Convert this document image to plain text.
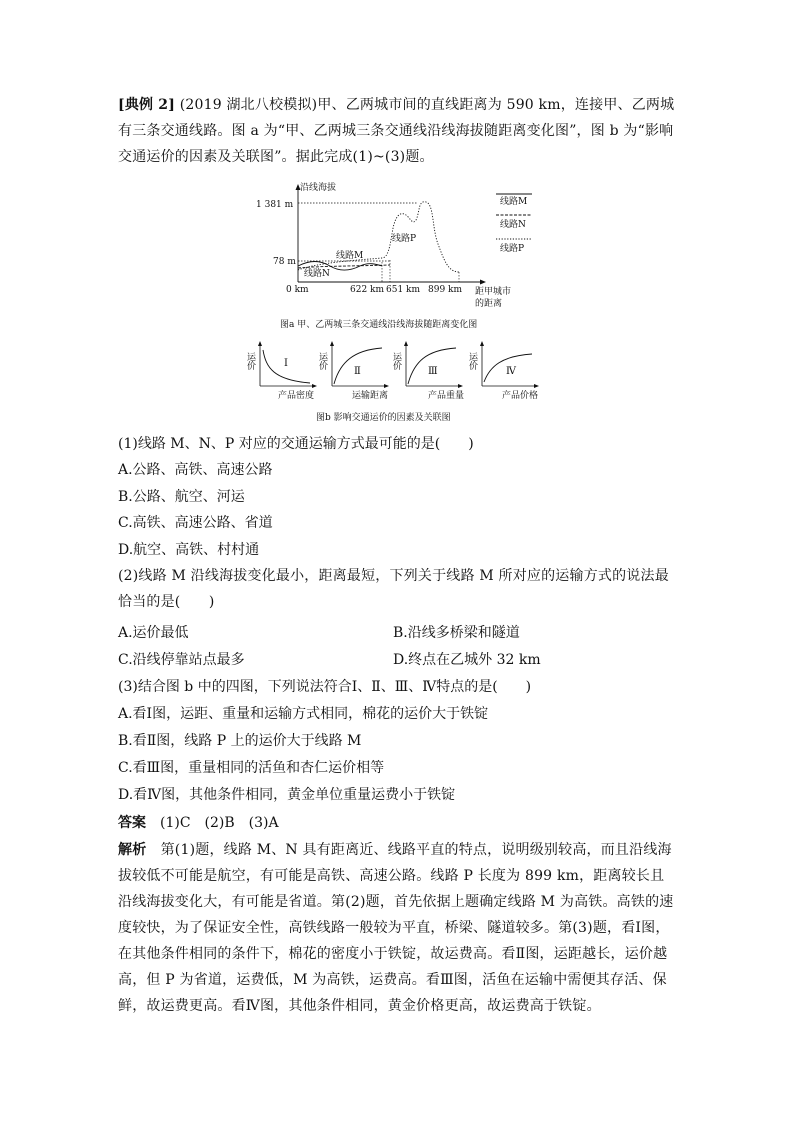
[典例 2] (2019 湖北八校模拟)甲、乙两城市间的直线距离为 590 km，连接甲、乙两城有三条交通线路。图 a 为“甲、乙两城三条交通线沿线海拔随距离变化图”，图 b 为“影响交通运价的因素及关联图”。据此完成(1)~(3)题。
沿线海拔
1 381 m
78 m
线路M
线路N
线路P
0 km	622 km 651 km 899 km 距甲城市
的距离
线路M
线路N
线路P
图a 甲、乙两城三条交通线沿线海拔随距离变化图
运价	Ⅰ
产品密度
运价
Ⅱ
运输距离
运价
Ⅲ
产品重量
运价
Ⅳ
产品价格
图b 影响交通运价的因素及关联图
(1)线路 M、N、P 对应的交通运输方式最可能的是(　　)
A.公路、高铁、高速公路
B.公路、航空、河运
C.高铁、高速公路、省道
D.航空、高铁、村村通
(2)线路 M 沿线海拔变化最小，距离最短，下列关于线路 M 所对应的运输方式的说法最恰当的是(　　)
A.运价最低	B.沿线多桥梁和隧道
C.沿线停靠站点最多	D.终点在乙城外 32 km
(3)结合图 b 中的四图，下列说法符合Ⅰ、Ⅱ、Ⅲ、Ⅳ特点的是(　　)
A.看Ⅰ图，运距、重量和运输方式相同，棉花的运价大于铁锭
B.看Ⅱ图，线路 P 上的运价大于线路 M
C.看Ⅲ图，重量相同的活鱼和杏仁运价相等
D.看Ⅳ图，其他条件相同，黄金单位重量运费小于铁锭
答案　 (1)C　(2)B　(3)A
解析　 第(1)题，线路 M、N 具有距离近、线路平直的特点，说明级别较高，而且沿线海拔较低不可能是航空，有可能是高铁、高速公路。线路 P 长度为 899 km，距离较长且沿线海拔变化大，有可能是省道。第(2)题，首先依据上题确定线路 M 为高铁。高铁的速度较快，为了保证安全性，高铁线路一般较为平直，桥梁、隧道较多。第(3)题，看Ⅰ图，在其他条件相同的条件下，棉花的密度小于铁锭，故运费高。看Ⅱ图，运距越长，运价越高，但 P 为省道，运费低，M 为高铁，运费高。看Ⅲ图，活鱼在运输中需便其存活、保鲜，故运费更高。看Ⅳ图，其他条件相同，黄金价格更高，故运费高于铁锭。
